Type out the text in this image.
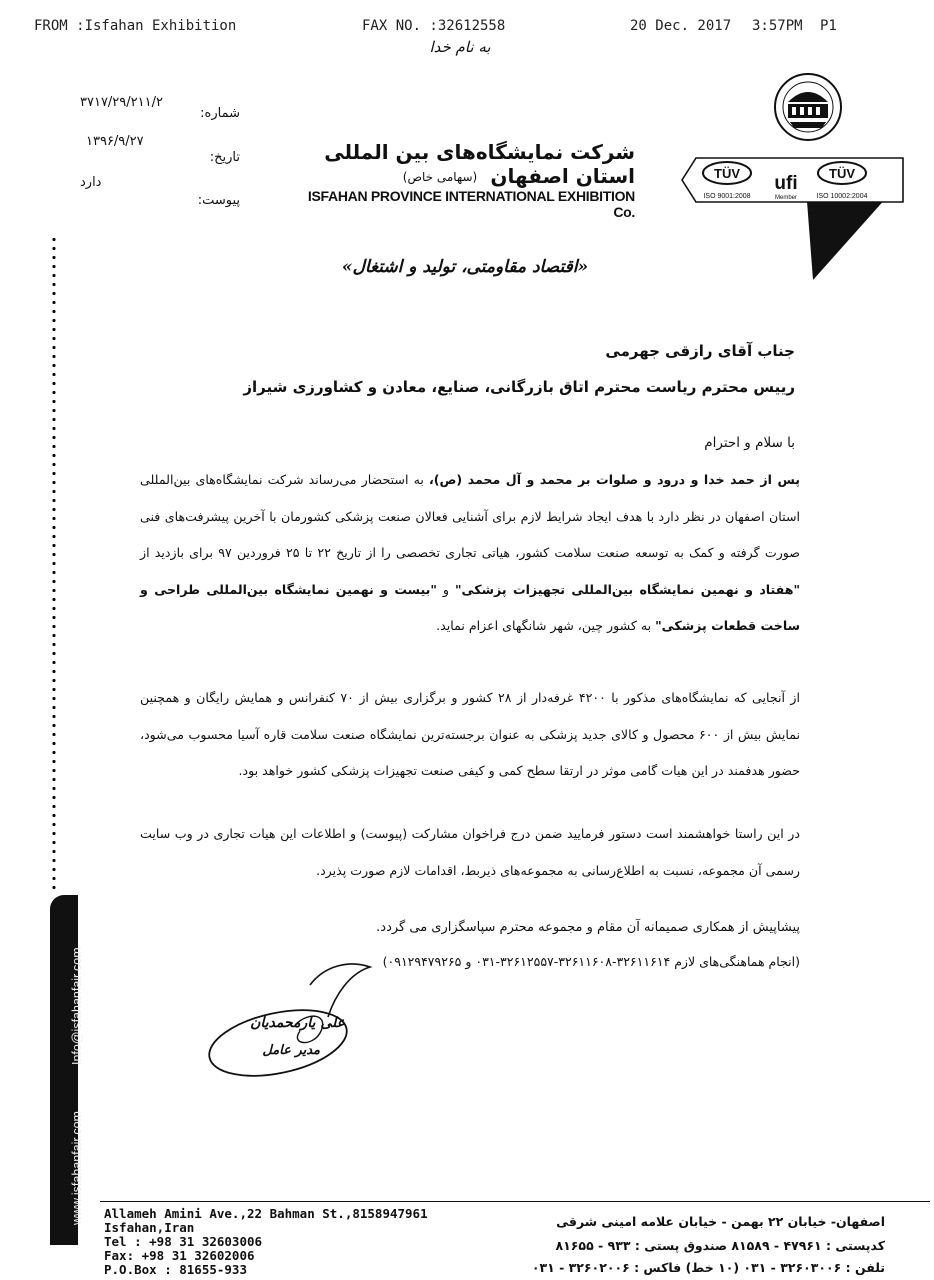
FROM :Isfahan Exhibition	FAX NO. :32612558	20 Dec. 2017 3:57PM P1
به نام خدا
شماره:
۳۷۱۷/۲۹/۲۱۱/۲
تاریخ:
۱۳۹۶/۹/۲۷
پیوست:
دارد
شرکت نمایشگاه‌های بین المللی استان اصفهان
(سهامی خاص)
ISFAHAN PROVINCE INTERNATIONAL EXHIBITION Co.
TÜV
ISO 9001:2008
ufi
Member
TÜV
ISO 10002:2004
«اقتصاد مقاومتی، تولید و اشتغال»
جناب آقای رازقی جهرمی
رییس محترم ریاست محترم اتاق بازرگانی، صنایع، معادن و کشاورزی شیراز
با سلام و احترام
پس از حمد خدا و درود و صلوات بر محمد و آل محمد (ص)، به استحضار می‌رساند شرکت نمایشگاه‌های بین‌المللی استان اصفهان در نظر دارد با هدف ایجاد شرایط لازم برای آشنایی فعالان صنعت پزشکی کشورمان با آخرین پیشرفت‌های فنی صورت گرفته و کمک به توسعه صنعت سلامت کشور، هیاتی تجاری تخصصی را از تاریخ ۲۲ تا ۲۵ فروردین ۹۷ برای بازدید از "هفتاد و نهمین نمایشگاه بین‌المللی تجهیزات پزشکی" و "بیست و نهمین نمایشگاه بین‌المللی طراحی و ساخت قطعات پزشکی" به کشور چین، شهر شانگهای اعزام نماید.
از آنجایی که نمایشگاه‌های مذکور با ۴۲۰۰ غرفه‌دار از ۲۸ کشور و برگزاری بیش از ۷۰ کنفرانس و همایش رایگان و همچنین نمایش بیش از ۶۰۰ محصول و کالای جدید پزشکی به عنوان برجسته‌ترین نمایشگاه صنعت سلامت قاره آسیا محسوب می‌شود، حضور هدفمند در این هیات گامی موثر در ارتقا سطح کمی و کیفی صنعت تجهیزات پزشکی کشور خواهد بود.
در این راستا خواهشمند است دستور فرمایید ضمن درج فراخوان مشارکت (پیوست) و اطلاعات این هیات تجاری در وب سایت رسمی آن مجموعه، نسبت به اطلاع‌رسانی به مجموعه‌های ذیربط، اقدامات لازم صورت پذیرد.
پیشاپیش از همکاری صمیمانه آن مقام و مجموعه محترم سپاسگزاری می گردد.
(انجام هماهنگی‌های لازم ۳۲۶۱۱۶۱۴-۳۲۶۱۱۶۰۸-۳۲۶۱۲۵۵۷-۰۳۱ و ۰۹۱۲۹۴۷۹۲۶۵)
علی یارمحمدیان
مدیر عامل
www.isfahanfair.com
Info@isfahanfair.com
Allameh Amini Ave.,22 Bahman St.,8158947961
Isfahan,Iran
Tel : +98 31 32603006
Fax: +98 31 32602006
P.O.Box : 81655-933
اصفهان- خیابان ۲۲ بهمن - خیابان علامه امینی شرقی
کدپستی : ۴۷۹۶۱ - ۸۱۵۸۹ صندوق پستی : ۹۳۳ - ۸۱۶۵۵
تلفن : ۳۲۶۰۳۰۰۶ - ۰۳۱ (۱۰ خط) فاکس : ۳۲۶۰۲۰۰۶ - ۰۳۱
